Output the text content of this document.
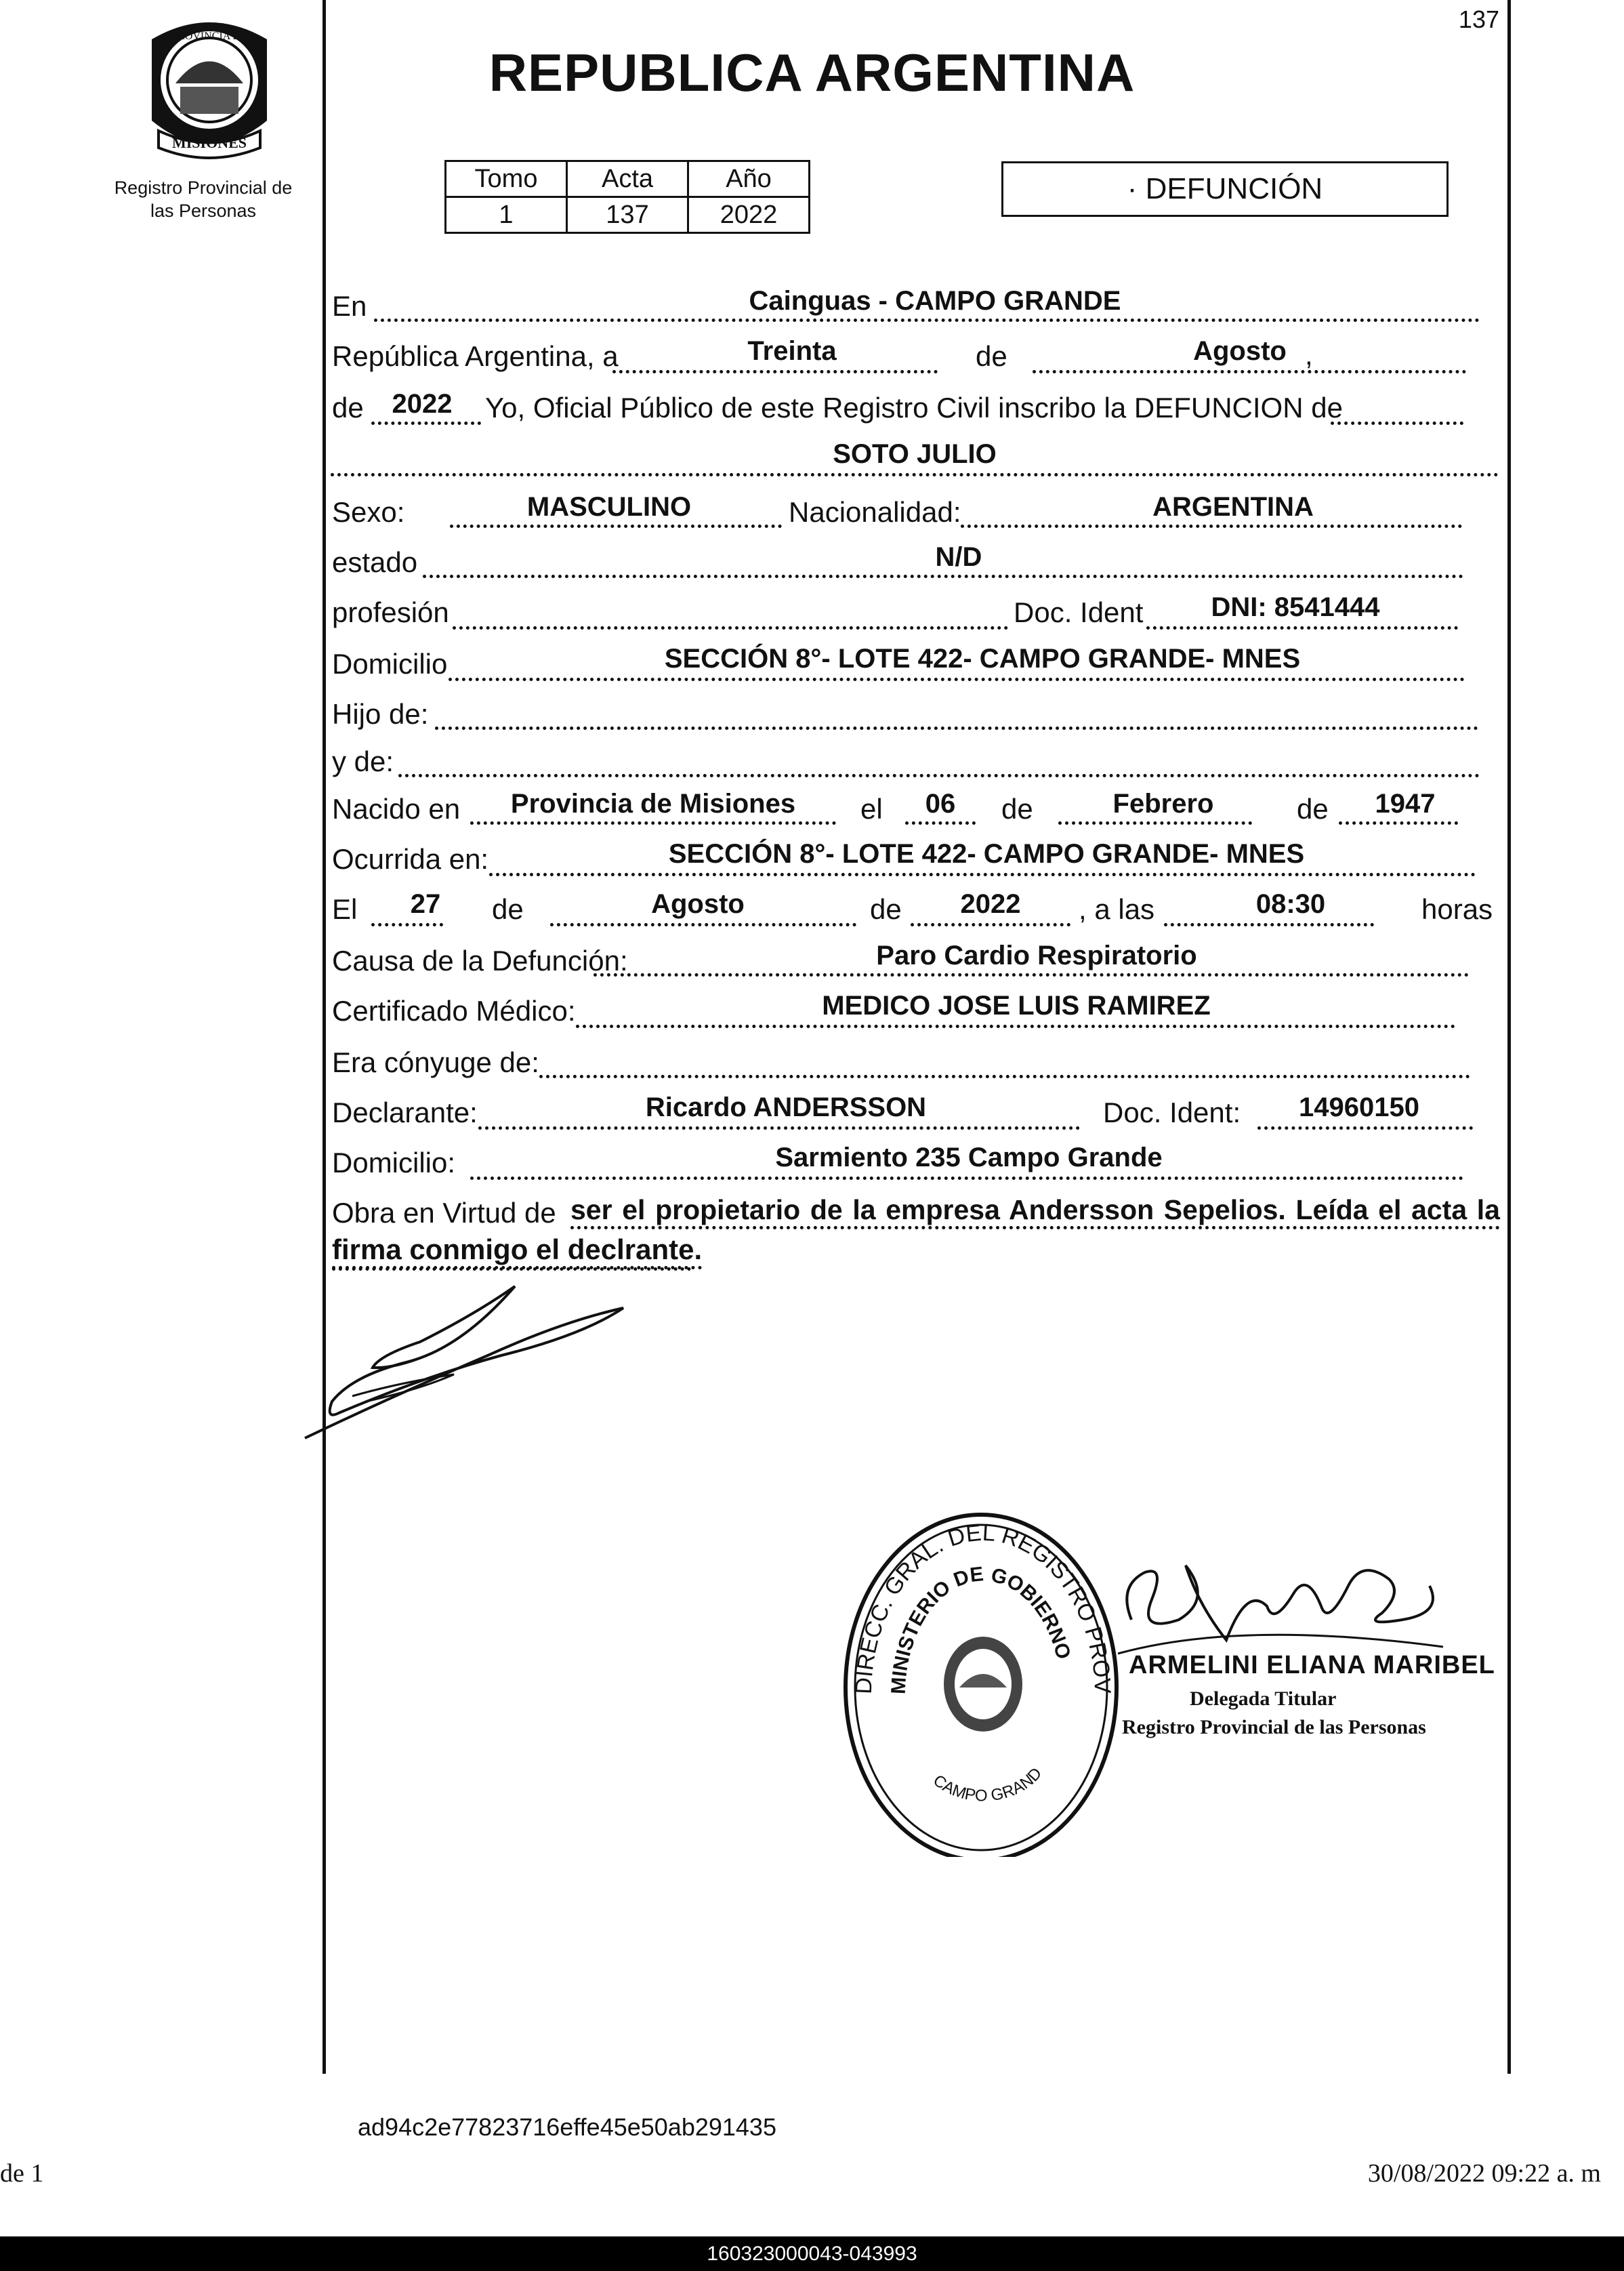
137
PROVINCIA DE
MISIONES
Registro Provincial de
las Personas
REPUBLICA ARGENTINA
Tomo	Acta	Año
1	137	2022
· DEFUNCIÓN
En	Cainguas - CAMPO GRANDE
República Argentina, a	Treinta	de	Agosto ,
de	2022	Yo, Oficial Público de este Registro Civil inscribo la DEFUNCION de
SOTO JULIO
Sexo:	MASCULINO	Nacionalidad:	ARGENTINA
estado	N/D
profesión	Doc. Ident	DNI: 8541444
Domicilio	SECCIÓN 8°- LOTE 422- CAMPO GRANDE- MNES
Hijo de:
y de:
Nacido en	Provincia de Misiones	el	06	de	Febrero	de	1947
Ocurrida en:	SECCIÓN 8°- LOTE 422- CAMPO GRANDE- MNES
El	27	de	Agosto	de	2022	, a las	08:30	horas
Causa de la Defunción:	Paro Cardio Respiratorio
Certificado Médico:	MEDICO JOSE LUIS RAMIREZ
Era cónyuge de:
Declarante:	Ricardo ANDERSSON	Doc. Ident:	14960150
Domicilio:	Sarmiento 235 Campo Grande
Obra en Virtud de ser el propietario de la empresa Andersson Sepelios. Leída el acta la
firma conmigo el declrante.
DIRECC. GRAL. DEL REGISTRO PROV
MINISTERIO DE GOBIERNO
CAMPO GRAND
ARMELINI ELIANA MARIBEL
Delegada Titular
Registro Provincial de las Personas
ad94c2e77823716effe45e50ab291435
de 1	30/08/2022 09:22 a. m
160323000043-043993
